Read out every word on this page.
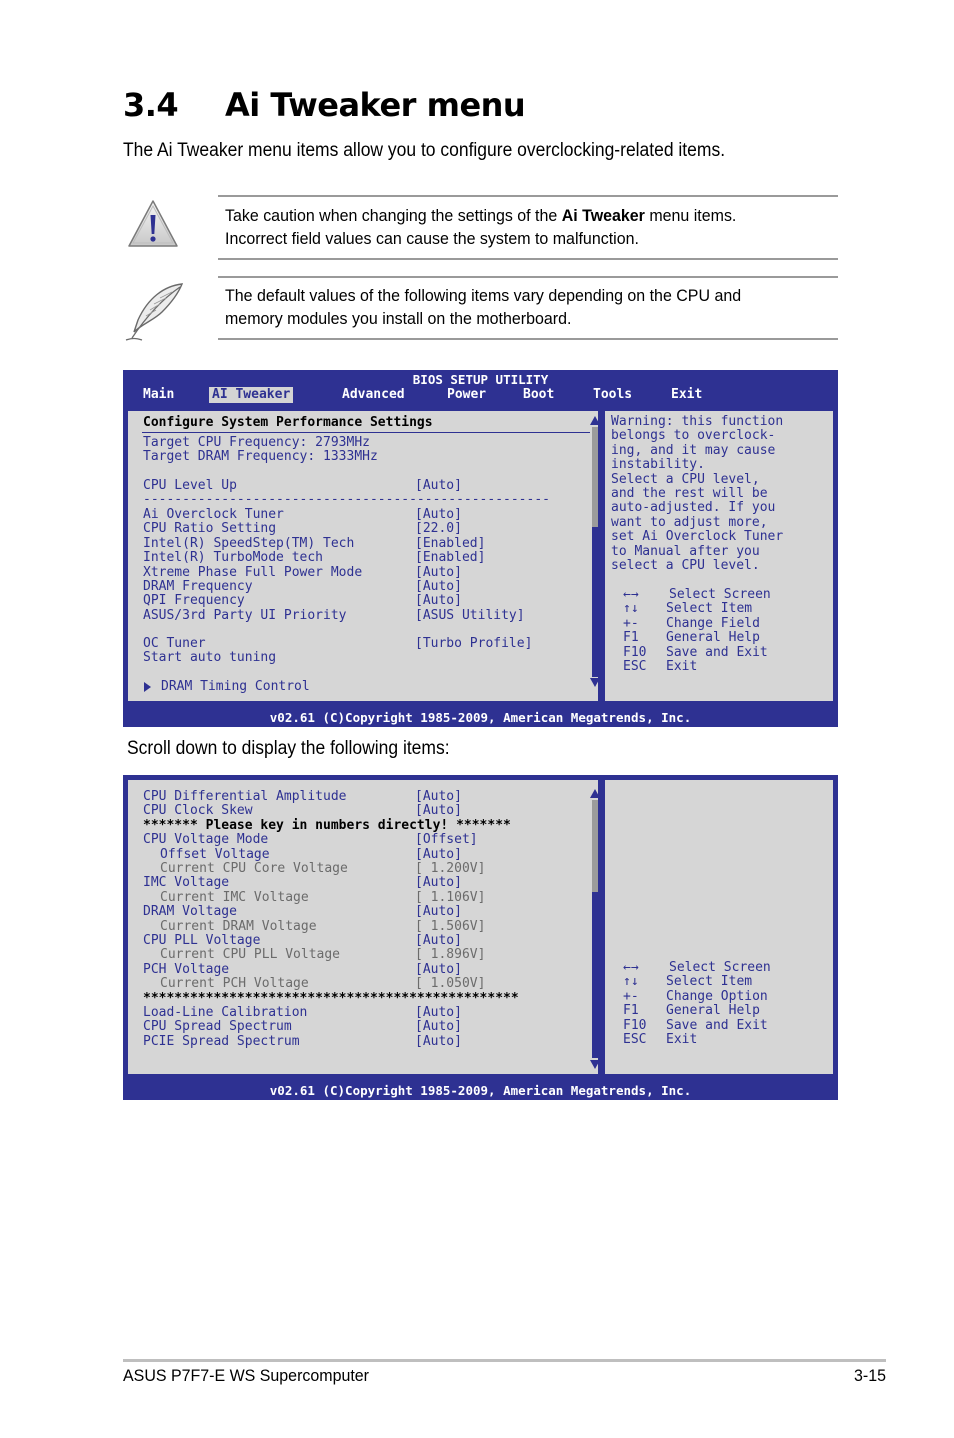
3.4 Ai Tweaker menu
The Ai Tweaker menu items allow you to configure overclocking-related items.
Take caution when changing the settings of the Ai Tweaker menu items.
Incorrect field values can cause the system to malfunction.
The default values of the following items vary depending on the CPU and
memory modules you install on the motherboard.
BIOS SETUP UTILITY
Main	AI Tweaker	Advanced	Power	Boot	Tools	Exit
Configure System Performance Settings
Target CPU Frequency: 2793MHz
Target DRAM Frequency: 1333MHz
CPU Level Up	[Auto]
----------------------------------------------------
Ai Overclock Tuner	[Auto]
CPU Ratio Setting	[22.0]
Intel(R) SpeedStep(TM) Tech	[Enabled]
Intel(R) TurboMode tech	[Enabled]
Xtreme Phase Full Power Mode	[Auto]
DRAM Frequency	[Auto]
QPI Frequency	[Auto]
ASUS/3rd Party UI Priority	[ASUS Utility]
OC Tuner	[Turbo Profile]
Start auto tuning
DRAM Timing Control
Warning: this function
belongs to overclock-
ing, and it may cause
instability.
Select a CPU level,
and the rest will be
auto-adjusted. If you
want to adjust more,
set Ai Overclock Tuner
to Manual after you
select a CPU level.
←→ Select Screen
↑↓ Select Item
+- Change Field
F1 General Help
F10 Save and Exit
ESC Exit
v02.61 (C)Copyright 1985-2009, American Megatrends, Inc.
Scroll down to display the following items:
CPU Differential Amplitude	[Auto]
CPU Clock Skew	[Auto]
******* Please key in numbers directly! *******
CPU Voltage Mode	[Offset]
Offset Voltage	[Auto]
Current CPU Core Voltage	[ 1.200V]
IMC Voltage	[Auto]
Current IMC Voltage	[ 1.106V]
DRAM Voltage	[Auto]
Current DRAM Voltage	[ 1.506V]
CPU PLL Voltage	[Auto]
Current CPU PLL Voltage	[ 1.896V]
PCH Voltage	[Auto]
Current PCH Voltage	[ 1.050V]
************************************************
Load-Line Calibration	[Auto]
CPU Spread Spectrum	[Auto]
PCIE Spread Spectrum	[Auto]
←→ Select Screen
↑↓ Select Item
+- Change Option
F1 General Help
F10 Save and Exit
ESC Exit
v02.61 (C)Copyright 1985-2009, American Megatrends, Inc.
ASUS P7F7-E WS Supercomputer	3-15
